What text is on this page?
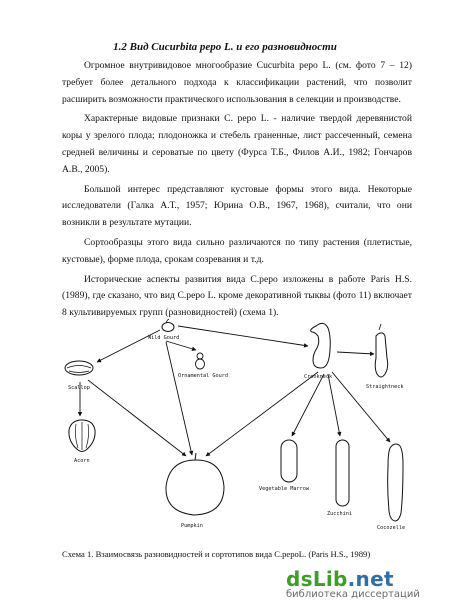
1.2 Вид Cucurbita pepo L. и его разновидности

Огромное внутривидовое многообразие Cucurbita pepo L. (см. фото 7 – 12) требует более детального подхода к классификации растений, что позволит расширить возможности практического использования в селекции и производстве.

Характерные видовые признаки C. pepo L. - наличие твердой деревянистой коры у зрелого плода; плодоножка и стебель граненные, лист рассеченный, семена средней величины и сероватые по цвету (Фурса Т.Б., Филов А.И., 1982; Гончаров А.В., 2005).

Большой интерес представляют кустовые формы этого вида. Некоторые исследователи (Галка А.Т., 1957; Юрина О.В., 1967, 1968), считали, что они возникли в результате мутации.

Сортообразцы этого вида сильно различаются по типу растения (плетистые, кустовые), форме плода, срокам созревания и т.д.

Исторические аспекты развития вида C.pepo изложены в работе Paris H.S. (1989), где сказано, что вид C.pepo L. кроме декоративной тыквы (фото 11) включает 8 культивируемых групп (разновидностей) (схема 1).

Wild Gourd
Ornamental Gourd	Crookneck
Straightneck
Scallop
Acorn
Pumpkin
Vegetable Marrow
Zucchini
Cocozelle
Схема 1. Взаимосвязь разновидностей и сортотипов вида C.pepoL. (Paris H.S., 1989)
dsLib.net
библиотека диссертаций
